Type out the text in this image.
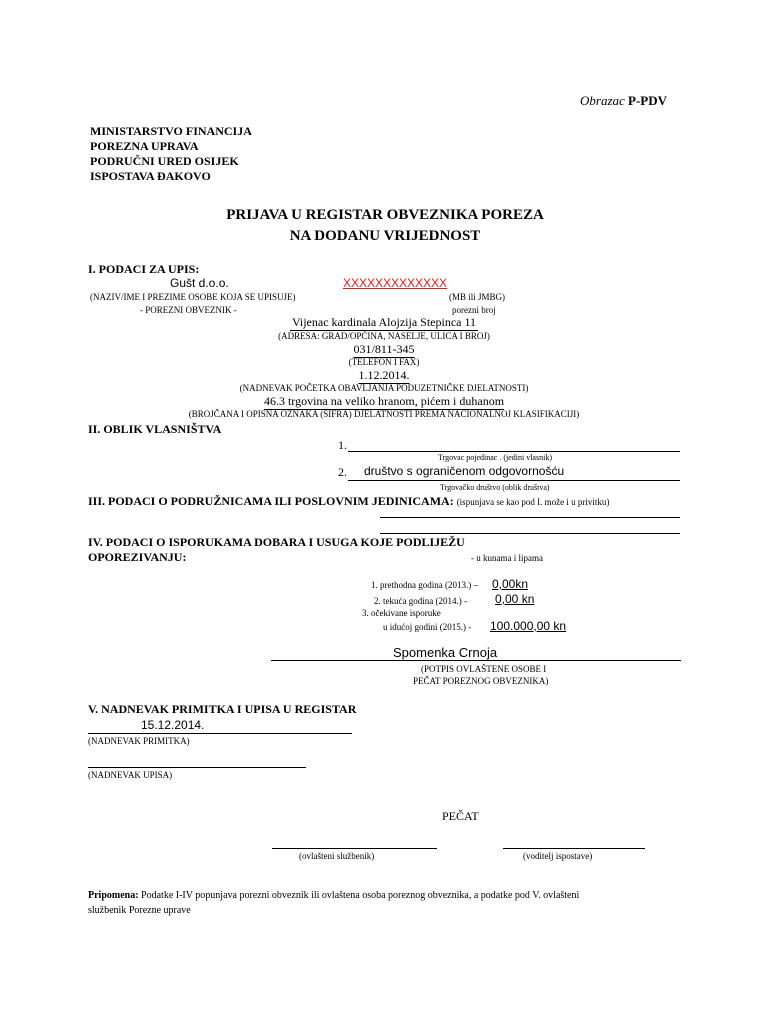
Obrazac P-PDV
MINISTARSTVO FINANCIJA
POREZNA UPRAVA
PODRUČNI URED OSIJEK
ISPOSTAVA ĐAKOVO
PRIJAVA U REGISTAR OBVEZNIKA POREZA
NA DODANU VRIJEDNOST
I. PODACI ZA UPIS:
Gušt d.o.o.	XXXXXXXXXXXXX
(NAZIV/IME I PREZIME OSOBE KOJA SE UPISUJE)	(MB ili JMBG)
- POREZNI OBVEZNIK -	porezni broj
Vijenac kardinala Alojzija Stepinca 11
(ADRESA: GRAD/OPĆINA, NASELJE, ULICA I BROJ)
031/811-345
(TELEFON I FAX)
1.12.2014.
(NADNEVAK POČETKA OBAVLJANJA PODUZETNIČKE DJELATNOSTI)
46.3 trgovina na veliko hranom, pićem i duhanom
(BROJČANA I OPISNA OZNAKA (ŠIFRA) DJELATNOSTI PREMA NACIONALNOJ KLASIFIKACIJI)
II. OBLIK VLASNIŠTVA
1.
Trgovac pojedinac . (jedini vlasnik)
2. društvo s ograničenom odgovornošću
Trgovačko društvo (oblik društva)
III. PODACI O PODRUŽNICAMA ILI POSLOVNIM JEDINICAMA: (ispunjava se kao pod I. može i u privitku)
IV. PODACI O ISPORUKAMA DOBARA I USUGA KOJE PODLIJEŽU
OPOREZIVANJU:	- u kunama i lipama
1. prethodna godina (2013.) – 0,00kn
2. tekuća godina (2014.) - 0,00 kn
3. očekivane isporuke
u idućoj godini (2015.) - 100.000,00 kn
Spomenka Crnoja
(POTPIS OVLAŠTENE OSOBE I
PEČAT POREZNOG OBVEZNIKA)
V. NADNEVAK PRIMITKA I UPISA U REGISTAR
15.12.2014.
(NADNEVAK PRIMITKA)
(NADNEVAK UPISA)
PEČAT
(ovlašteni službenik)	(voditelj ispostave)
Pripomena: Podatke I-IV popunjava porezni obveznik ili ovlaštena osoba poreznog obveznika, a podatke pod V. ovlašteni
službenik Porezne uprave
